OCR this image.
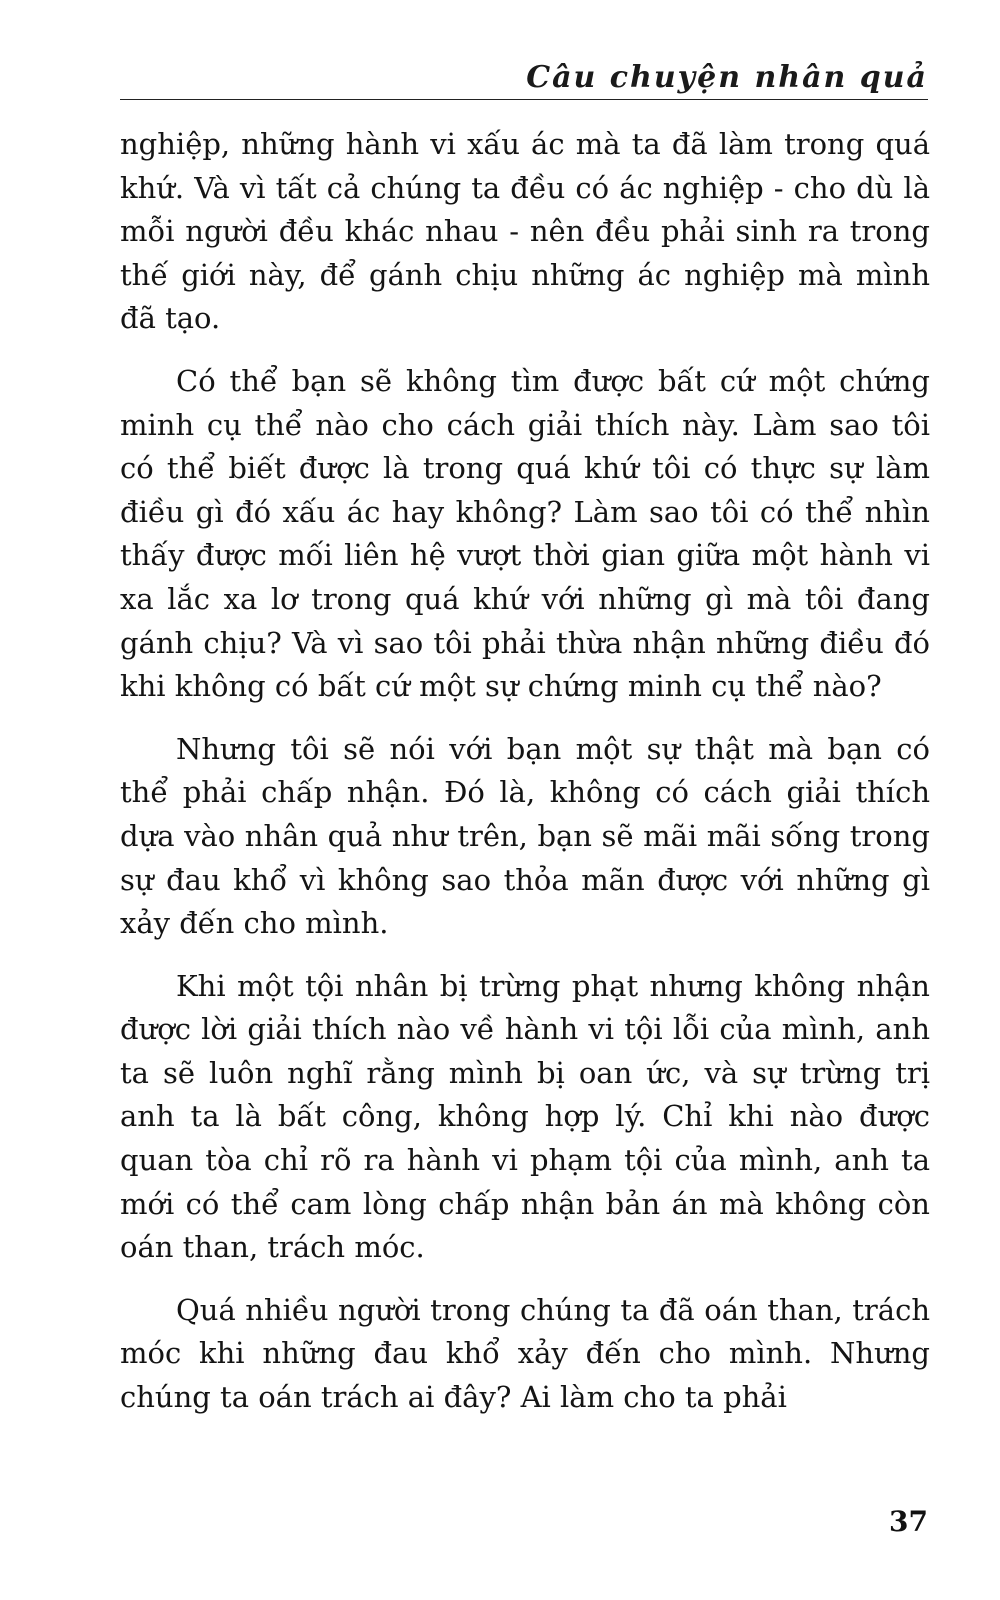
Câu chuyện nhân quả

nghiệp, những hành vi xấu ác mà ta đã làm trong quá khứ. Và vì tất cả chúng ta đều có ác nghiệp - cho dù là mỗi người đều khác nhau - nên đều phải sinh ra trong thế giới này, để gánh chịu những ác nghiệp mà mình đã tạo.

Có thể bạn sẽ không tìm được bất cứ một chứng minh cụ thể nào cho cách giải thích này. Làm sao tôi có thể biết được là trong quá khứ tôi có thực sự làm điều gì đó xấu ác hay không? Làm sao tôi có thể nhìn thấy được mối liên hệ vượt thời gian giữa một hành vi xa lắc xa lơ trong quá khứ với những gì mà tôi đang gánh chịu? Và vì sao tôi phải thừa nhận những điều đó khi không có bất cứ một sự chứng minh cụ thể nào?

Nhưng tôi sẽ nói với bạn một sự thật mà bạn có thể phải chấp nhận. Đó là, không có cách giải thích dựa vào nhân quả như trên, bạn sẽ mãi mãi sống trong sự đau khổ vì không sao thỏa mãn được với những gì xảy đến cho mình.

Khi một tội nhân bị trừng phạt nhưng không nhận được lời giải thích nào về hành vi tội lỗi của mình, anh ta sẽ luôn nghĩ rằng mình bị oan ức, và sự trừng trị anh ta là bất công, không hợp lý. Chỉ khi nào được quan tòa chỉ rõ ra hành vi phạm tội của mình, anh ta mới có thể cam lòng chấp nhận bản án mà không còn oán than, trách móc.

Quá nhiều người trong chúng ta đã oán than, trách móc khi những đau khổ xảy đến cho mình. Nhưng chúng ta oán trách ai đây? Ai làm cho ta phải

37
